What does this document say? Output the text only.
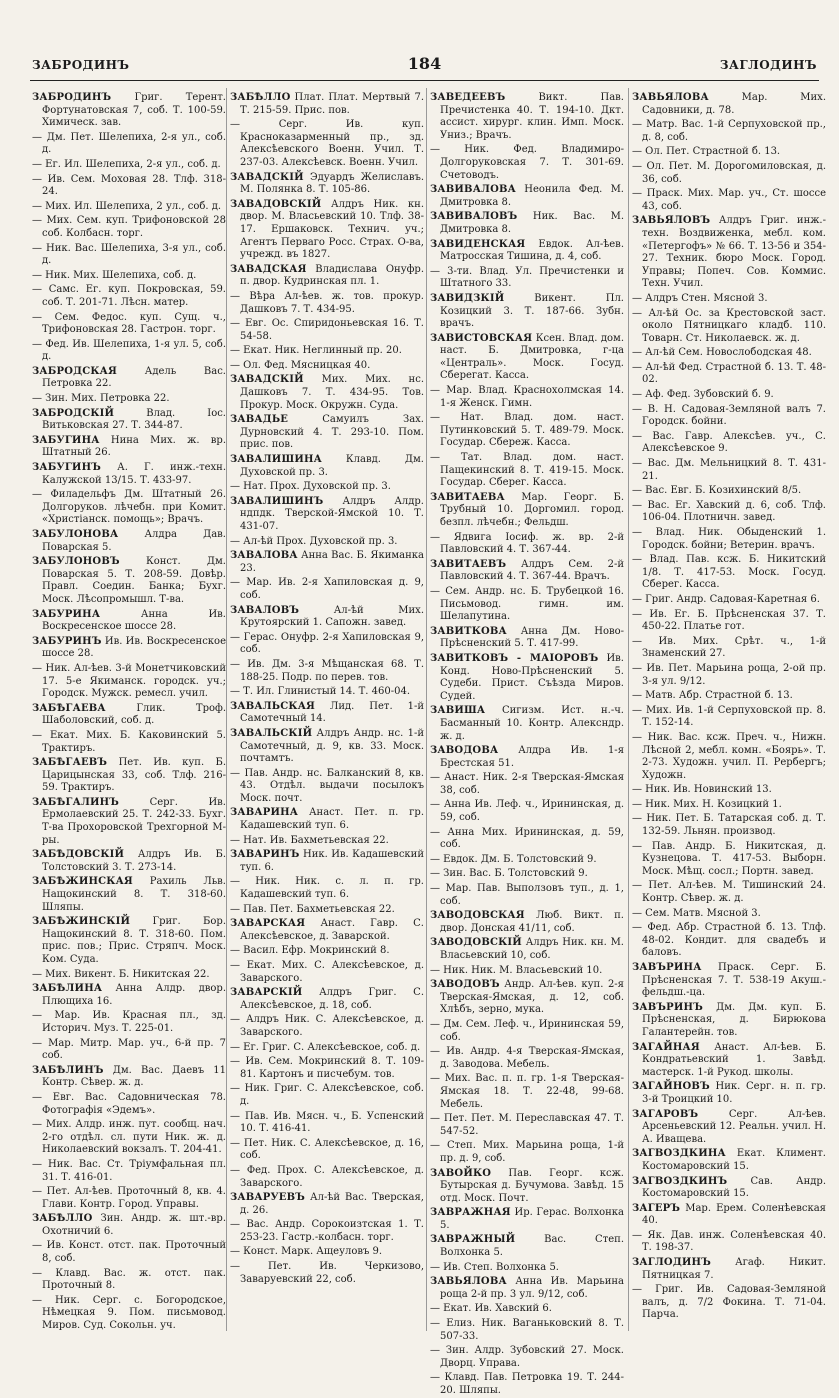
ЗАБРОДИНЪ	184	ЗАГЛОДИНЪ
ЗАБРОДИНЪ Григ. Терент. Фортунатовская 7, соб. Т. 100-59. Химическ. зав.
— Дм. Пет. Шелепиха, 2-я ул., соб. д.
— Ег. Ил. Шелепиха, 2-я ул., соб. д.
— Ив. Сем. Моховая 28. Тлф. 318-24.
— Мих. Ил. Шелепиха, 2 ул., соб. д.
— Мих. Сем. куп. Трифоновской 28 соб. Колбасн. торг.
— Ник. Вас. Шелепиха, 3-я ул., соб. д.
— Ник. Мих. Шелепиха, соб. д.
— Самс. Ег. куп. Покровская, 59. соб. Т. 201-71. Лѣсн. матер.
— Сем. Федос. куп. Сущ. ч., Трифоновская 28. Гастрон. торг.
— Фед. Ив. Шелепиха, 1-я ул. 5, соб. д.
ЗАБРОДСКАЯ	Адель Вас. Петровка 22.
— Зин. Мих. Петровка 22.
ЗАБРОДСКІЙ	Влад. Іос. Витьковская 27. Т. 344-87.
ЗАБУГИНА Нина Мих. ж. вр. Штатный 26.
ЗАБУГИНЪ А. Г. инж.-техн. Калужской 13/15. Т. 433-97.
— Филадельфъ Дм. Штатный 26. Долгоруков. лѣчебн. при Комит. «Христіанск. помощь»; Врачъ.
ЗАБУЛОНОВА	Алдра Дав. Поварская 5.
ЗАБУЛОНОВЪ	Конст. Дм. Поварская 5. Т. 208-59. Довѣр. Правл. Соедин. Банка; Бухг. Моск. Лѣсопромышл. Т-ва.
ЗАБУРИНА	Анна Ив. Воскресенское шоссе 28.
ЗАБУРИНЪ Ив. Ив. Воскресенское шоссе 28.
— Ник. Ал-ѣев. 3-й Монетчиковский 17. 5-е Якиманск. городск. уч.; Городск. Мужск. ремесл. учил.
ЗАБѢГАЕВА	Глик. Троф. Шаболовский, соб. д.
— Екат. Мих. Б. Каковинский 5. Трактиръ.
ЗАБѢГАЕВЪ Пет. Ив. куп. Б. Царицынская 33, соб. Тлф. 216-59. Трактиръ.
ЗАБѢГАЛИНЪ	Серг. Ив. Ермолаевский 25. Т. 242-33. Бухг. Т-ва Прохоровской Трехгорной М-ры.
ЗАБѢДОВСКІЙ Алдръ Ив. Б. Толстовский 3. Т. 273-14.
ЗАБѢЖИНСКАЯ Рахиль Льв. Нащокинский 8. Т. 318-60. Шляпы.
ЗАБѢЖИНСКІЙ Григ. Бор. Нащокинский 8. Т. 318-60. Пом. прис. пов.; Прис. Стряпч. Моск. Ком. Суда.
— Мих. Викент. Б. Никитская 22.
ЗАБѢЛИНА Анна Алдр. двор. Плющиха 16.
— Мар. Ив. Красная пл., зд. Историч. Муз. Т. 225-01.
— Мар. Митр. Мар. уч., 6-й пр. 7 соб.
ЗАБѢЛИНЪ Дм. Вас. Даевъ 11 Контр. Сѣвер. ж. д.
— Евг. Вас. Садовническая 78. Фотографія «Эдемъ».
— Мих. Алдр. инж. пут. сообщ. нач. 2-го отдѣл. сл. пути Ник. ж. д. Николаевский вокзалъ. Т. 204-41.
— Ник. Вас. Ст. Тріумфальная пл. 31. Т. 416-01.
— Пет. Ал-ѣев. Проточный 8, кв. 4. Глави. Контр. Город. Управы.
ЗАБѢЛЛО Зин. Андр. ж. шт.-вр. Охотничий 6.
— Ив. Конст. отст. пак. Проточный 8, соб.
— Клавд. Вас. ж. отст. пак. Проточный 8.
— Ник. Серг. с. Богородское, Нѣмецкая 9. Пом. письмовод. Миров. Суд. Сокольн. уч.
ЗАБѢЛЛО Плат. Плат. Мертвый 7. Т. 215-59. Прис. пов.
— Серг. Ив. куп. Красноказарменный пр., зд. Алексѣевского Военн. Учил. Т. 237-03. Алексѣевск. Военн. Учил.
ЗАВАДСКІЙ Эдуардъ Желиславъ. М. Полянка 8. Т. 105-86.
ЗАВАДОВСКІЙ Алдръ Ник. кн. двор. М. Власьевский 10. Тлф. 38-17. Ершаковск. Технич. уч.; Агентъ Перваго Росс. Страх. О-ва, учрежд. въ 1827.
ЗАВАДСКАЯ Владислава Онуфр. п. двор. Кудринская пл. 1.
— Вѣра Ал-ѣев. ж. тов. прокур. Дашковъ 7. Т. 434-95.
— Евг. Ос. Спиридоньевская 16. Т. 54-58.
— Екат. Ник. Неглинный пр. 20.
— Ол. Фед. Мясницкая 40.
ЗАВАДСКІЙ Мих. Мих. нс. Дашковъ 7. Т. 434-95. Тов. Прокур. Моск. Окружн. Суда.
ЗАВАДЬЕ	Самуилъ Зах. Дурновский 4. Т. 293-10. Пом. прис. пов.
ЗАВАЛИШИНА Клавд. Дм. Духовской пр. 3.
— Нат. Прох. Духовской пр. 3.
ЗАВАЛИШИНЪ Алдръ Алдр. ндпдк. Тверской-Ямской 10. Т. 431-07.
— Ал-ѣй Прох. Духовской пр. 3.
ЗАВАЛОВА Анна Вас. Б. Якиманка 23.
— Мар. Ив. 2-я Хапиловская д. 9, соб.
ЗАВАЛОВЪ	Ал-ѣй Мих. Крутоярский 1. Сапожн. завед.
— Герас. Онуфр. 2-я Хапиловская 9, соб.
— Ив. Дм. 3-я Мѣщанская 68. Т. 188-25. Подр. по перев. тов.
— Т. Ил. Глинистый 14. Т. 460-04.
ЗАВАЛЬСКАЯ Лид. Пет. 1-й Самотечный 14.
ЗАВАЛЬСКІЙ Алдръ Андр. нс. 1-й Самотечный, д. 9, кв. 33. Моск. почтамтъ.
— Пав. Андр. нс. Балканский 8, кв. 43. Отдѣл. выдачи посылокъ Моск. почт.
ЗАВАРИНА Анаст. Пет. п. гр. Кадашевский туп. 6.
— Нат. Ив. Бахметьевская 22.
ЗАВАРИНЪ Ник. Ив. Кадашевский туп. 6.
— Ник. Ник. с. л. п. гр. Кадашевский туп. 6.
— Пав. Пет. Бахметьевская 22.
ЗАВАРСКАЯ Анаст. Гавр. С. Алексѣевское, д. Заварской.
— Васил. Ефр. Мокринский 8.
— Екат. Мих. С. Алексѣевское, д. Заварского.
ЗАВАРСКІЙ Алдръ Григ. С. Алексѣевское, д. 18, соб.
— Алдръ Ник. С. Алексѣевское, д. Заварского.
— Ег. Григ. С. Алексѣевское, соб. д.
— Ив. Сем. Мокринский 8. Т. 109-81. Картонъ и писчебум. тов.
— Ник. Григ. С. Алексѣевское, соб. д.
— Пав. Ив. Мясн. ч., Б. Успенский 10. Т. 416-41.
— Пет. Ник. С. Алексѣевское, д. 16, соб.
— Фед. Прох. С. Алексѣевское, д. Заварского.
ЗАВАРУЕВЪ Ал-ѣй Вас. Тверская, д. 26.
— Вас. Андр. Сорокоизтская 1. Т. 253-23. Гастр.-колбасн. торг.
— Конст. Марк. Ащеуловъ 9.
— Пет. Ив. Черкизово, Заваруевский 22, соб.
ЗАВЕДЕЕВЪ	Викт. Пав. Пречистенка 40. Т. 194-10. Дкт. ассист. хирург. клин. Имп. Моск. Униз.; Врачъ.
— Ник. Фед. Владимиро-Долгоруковская 7. Т. 301-69. Счетоводъ.
ЗАВИВАЛОВА Неонила Фед. М. Дмитровка 8.
ЗАВИВАЛОВЪ Ник. Вас. М. Дмитровка 8.
ЗАВИДЕНСКАЯ Евдок. Ал-ѣев. Матросская Тишина, д. 4, соб.
— 3-ти. Влад. Ул. Пречистенки и Штатного 33.
ЗАВИДЗКІЙ	Викент. Пл. Козицкий 3. Т. 187-66. Зубн. врачъ.
ЗАВИСТОВСКАЯ Ксен. Влад. дом. наст. Б. Дмитровка, г-ца «Централь». Моск. Госуд. Сберегат. Касса.
— Мар. Влад. Краснохолмская 14. 1-я Женск. Гимн.
— Нат. Влад. дом. наст. Путинковский 5. Т. 489-79. Моск. Государ. Сбереж. Касса.
— Тат. Влад. дом. наст. Пащекинский 8. Т. 419-15. Моск. Государ. Сберег. Касса.
ЗАВИТАЕВА Мар. Георг. Б. Трубный 10. Доргомил. город. безпл. лѣчебн.; Фельдш.
— Ядвига Іосиф. ж. вр. 2-й Павловский 4. Т. 367-44.
ЗАВИТАЕВЪ Алдръ Сем. 2-й Павловский 4. Т. 367-44. Врачъ.
— Сем. Андр. нс. Б. Трубецкой 16. Письмовод. гимн. им. Шелапутина.
ЗАВИТКОВА Анна Дм. Ново-Прѣсненский 5. Т. 417-99.
ЗАВИТКОВЪ - МАІОРОВЪ Ив. Конд. Ново-Прѣсненский 5. Судеби. Прист. Съѣзда Миров. Судей.
ЗАВИША Сигизм. Ист. н.-ч. Басманный 10. Контр. Алексндр. ж. д.
ЗАВОДОВА Алдра Ив. 1-я Брестская 51.
— Анаст. Ник. 2-я Тверская-Ямская 38, соб.
— Анна Ив. Леф. ч., Ирининская, д. 59, соб.
— Анна Мих. Ирининская, д. 59, соб.
— Евдок. Дм. Б. Толстовский 9.
— Зин. Вас. Б. Толстовский 9.
— Мар. Пав. Выползовъ туп., д. 1, соб.
ЗАВОДОВСКАЯ Люб. Викт. п. двор. Донская 41/11, соб.
ЗАВОДОВСКІЙ Алдръ Ник. кн. М. Власьевский 10, соб.
— Ник. Ник. М. Власьевский 10.
ЗАВОДОВЪ Андр. Ал-ѣев. куп. 2-я Тверская-Ямская, д. 12, соб. Хлѣбъ, зерно, мука.
— Дм. Сем. Леф. ч., Ирининская 59, соб.
— Ив. Андр. 4-я Тверская-Ямская, д. Заводова. Мебель.
— Мих. Вас. п. п. гр. 1-я Тверская-Ямская 18. Т. 22-48, 99-68. Мебель.
— Пет. Пет. М. Переславская 47. Т. 547-52.
— Степ. Мих. Марьина роща, 1-й пр. д. 9, соб.
ЗАВОЙКО Пав. Георг. ксж. Бутырская д. Бучумова. Завѣд. 15 отд. Моск. Почт.
ЗАВРАЖНАЯ Ир. Герас. Волхонка 5.
ЗАВРАЖНЫЙ	Вас. Степ. Волхонка 5.
— Ив. Степ. Волхонка 5.
ЗАВЬЯЛОВА Анна Ив. Марьина роща 2-й пр. 3 ул. 9/12, соб.
— Екат. Ив. Хавский 6.
— Елиз. Ник. Ваганьковский 8. Т. 507-33.
— Зин. Алдр. Зубовский 27. Моск. Дворц. Управа.
— Клавд. Пав. Петровка 19. Т. 244-20. Шляпы.
ЗАВЬЯЛОВА	Мар. Мих. Садовники, д. 78.
— Матр. Вас. 1-й Серпуховской пр., д. 8, соб.
— Ол. Пет. Страстной б. 13.
— Ол. Пет. М. Дорогомиловская, д. 36, соб.
— Праск. Мих. Мар. уч., Ст. шоссе 43, соб.
ЗАВЬЯЛОВЪ Алдръ Григ. инж.-техн. Воздвиженка, мебл. ком. «Петергофъ» № 66. Т. 13-56 и 354-27. Техник. бюро Моск. Город. Управы; Попеч. Сов. Коммис. Техн. Учил.
— Алдръ Стен. Мясной 3.
— Ал-ѣй Ос. за Крестовской заст. около Пятницкаго кладб. 110. Товарн. Ст. Николаевск. ж. д.
— Ал-ѣй Сем. Новослободская 48.
— Ал-ѣй Фед. Страстной б. 13. Т. 48-02.
— Аф. Фед. Зубовский б. 9.
— В. Н. Садовая-Земляной валъ 7. Городск. бойни.
— Вас. Гавр. Алексѣев. уч., С. Алексѣевское 9.
— Вас. Дм. Мельницкий 8. Т. 431-21.
— Вас. Евг. Б. Козихинский 8/5.
— Вас. Ег. Хавский д. 6, соб. Тлф. 106-04. Плотничн. завед.
— Влад. Ник. Обыденский 1. Городск. бойни; Ветерин. врачъ.
— Влад. Пав. ксж. Б. Никитский 1/8. Т. 417-53. Моск. Госуд. Сберег. Касса.
— Григ. Андр. Садовая-Каретная 6.
— Ив. Ег. Б. Прѣсненская 37. Т. 450-22. Платье гот.
— Ив. Мих. Срѣт. ч., 1-й Знаменский 27.
— Ив. Пет. Марьина роща, 2-ой пр. 3-я ул. 9/12.
— Матв. Абр. Страстной б. 13.
— Мих. Ив. 1-й Серпуховской пр. 8. Т. 152-14.
— Ник. Вас. ксж. Преч. ч., Нижн. Лѣсной 2, мебл. комн. «Боярь». Т. 2-73. Художн. учил. П. Рербергъ; Художн.
— Ник. Ив. Новинский 13.
— Ник. Мих. Н. Козицкий 1.
— Ник. Пет. Б. Татарская соб. д. Т. 132-59. Льнян. производ.
— Пав. Андр. Б. Никитская, д. Кузнецова. Т. 417-53. Выборн. Моск. Мѣщ. сосл.; Портн. завед.
— Пет. Ал-ѣев. М. Тишинский 24. Контр. Сѣвер. ж. д.
— Сем. Матв. Мясной 3.
— Фед. Абр. Страстной б. 13. Тлф. 48-02. Кондит. для свадебъ и баловъ.
ЗАВЪРИНА Праск. Серг. Б. Прѣсненская 7. Т. 538-19 Акуш.-фельдш.-ца.
ЗАВЪРИНЪ Дм. Дм. куп. Б. Прѣсненская, д. Бирюкова Галантерейн. тов.
ЗАГАЙНАЯ Анаст. Ал-ѣев. Б. Кондратьевский 1. Завѣд. мастерск. 1-й Рукод. школы.
ЗАГАЙНОВЪ Ник. Серг. н. п. гр. 3-й Троицкий 10.
ЗАГАРОВЪ	Серг. Ал-ѣев. Арсеньевский 12. Реальн. учил. Н. А. Иващева.
ЗАГВОЗДКИНА Екат. Климент. Костомаровский 15.
ЗАГВОЗДКИНЪ Сав. Андр. Костомаровский 15.
ЗАГЕРЪ Мар. Ерем. Соленѣевская 40.
— Як. Дав. инж. Соленѣевская 40. Т. 198-37.
ЗАГЛОДИНЪ Агаф. Никит. Пятницкая 7.
— Григ. Ив. Садовая-Земляной валъ, д. 7/2 Фокина. Т. 71-04. Парча.
